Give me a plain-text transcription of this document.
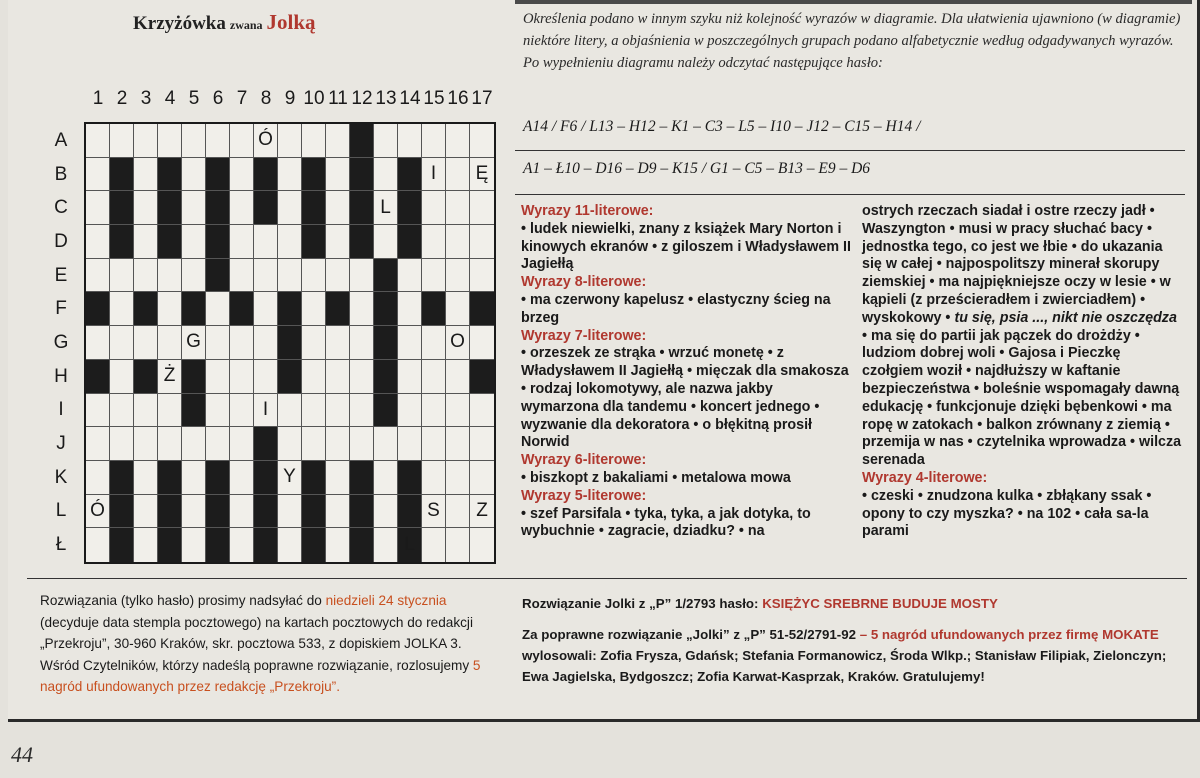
Krzyżówka zwana Jolką
1 2 3 4 5 6 7 8 9 10 11 12 13 14 15 16 17
A
B
C
D
E
F
G
H
I
J
K
L
Ł
Ó
I	Ę
L
G	O
Ż
I
Y
Ó	S	Z
L
Określenia podano w innym szyku niż kolejność wyrazów w diagramie. Dla ułatwienia ujawniono (w diagramie) niektóre litery, a objaśnienia w poszczególnych grupach podano alfabetycznie według odgadywanych wyrazów.
Po wypełnieniu diagramu należy odczytać następujące hasło:
A14 / F6 / L13 – H12 – K1 – C3 – L5 – I10 – J12 – C15 – H14 /
A1 – Ł10 – D16 – D9 – K15 / G1 – C5 – B13 – E9 – D6
Wyrazy 11-literowe:
• ludek niewielki, znany z książek Mary Norton i kinowych ekranów • z giloszem i Władysławem II Jagiełłą
Wyrazy 8-literowe:
• ma czerwony kapelusz • elastyczny ścieg na brzeg
Wyrazy 7-literowe:
• orzeszek ze strąka • wrzuć monetę • z Władysławem II Jagiełłą • mięczak dla smakosza • rodzaj lokomotywy, ale nazwa jakby wymarzona dla tandemu • koncert jednego • wyzwanie dla dekoratora • o błękitną prosił Norwid
Wyrazy 6-literowe:
• biszkopt z bakaliami • metalowa mowa
Wyrazy 5-literowe:
• szef Parsifala • tyka, tyka, a jak dotyka, to wybuchnie • zagracie, dziadku? • na
ostrych rzeczach siadał i ostre rzeczy jadł • Waszyngton • musi w pracy słuchać bacy • jednostka tego, co jest we łbie • do ukazania się w całej • najpospolitszy minerał skorupy ziemskiej • ma najpiękniejsze oczy w lesie • w kąpieli (z prześcieradłem i zwierciadłem) • wyskokowy • tu się, psia ..., nikt nie oszczędza • ma się do partii jak pączek do drożdży • ludziom dobrej woli • Gajosa i Pieczkę czołgiem woził • najdłuższy w kaftanie bezpieczeństwa • boleśnie wspomagały dawną edukację • funkcjonuje dzięki bębenkowi • ma ropę w zatokach • balkon zrównany z ziemią • przemija w nas • czytelnika wprowadza • wilcza serenada
Wyrazy 4-literowe:
• czeski • znudzona kulka • zbłąkany ssak • opony to czy myszka? • na 102 • cała sa-la parami
Rozwiązania (tylko hasło) prosimy nadsyłać do niedzieli 24 stycznia (decyduje data stempla pocztowego) na kartach pocztowych do redakcji „Przekroju”, 30-960 Kraków, skr. pocztowa 533, z dopiskiem JOLKA 3. Wśród Czytelników, którzy nadeślą poprawne rozwiązanie, rozlosujemy 5 nagród ufundowanych przez redakcję „Przekroju”.
Rozwiązanie Jolki z „P” 1/2793 hasło: KSIĘŻYC SREBRNE BUDUJE MOSTY
Za poprawne rozwiązanie „Jolki” z „P” 51-52/2791-92 – 5 nagród ufundowanych przez firmę MOKATE wylosowali: Zofia Frysza, Gdańsk; Stefania Formanowicz, Środa Wlkp.; Stanisław Filipiak, Zielonczyn; Ewa Jagielska, Bydgoszcz; Zofia Karwat-Kasprzak, Kraków. Gratulujemy!
44
